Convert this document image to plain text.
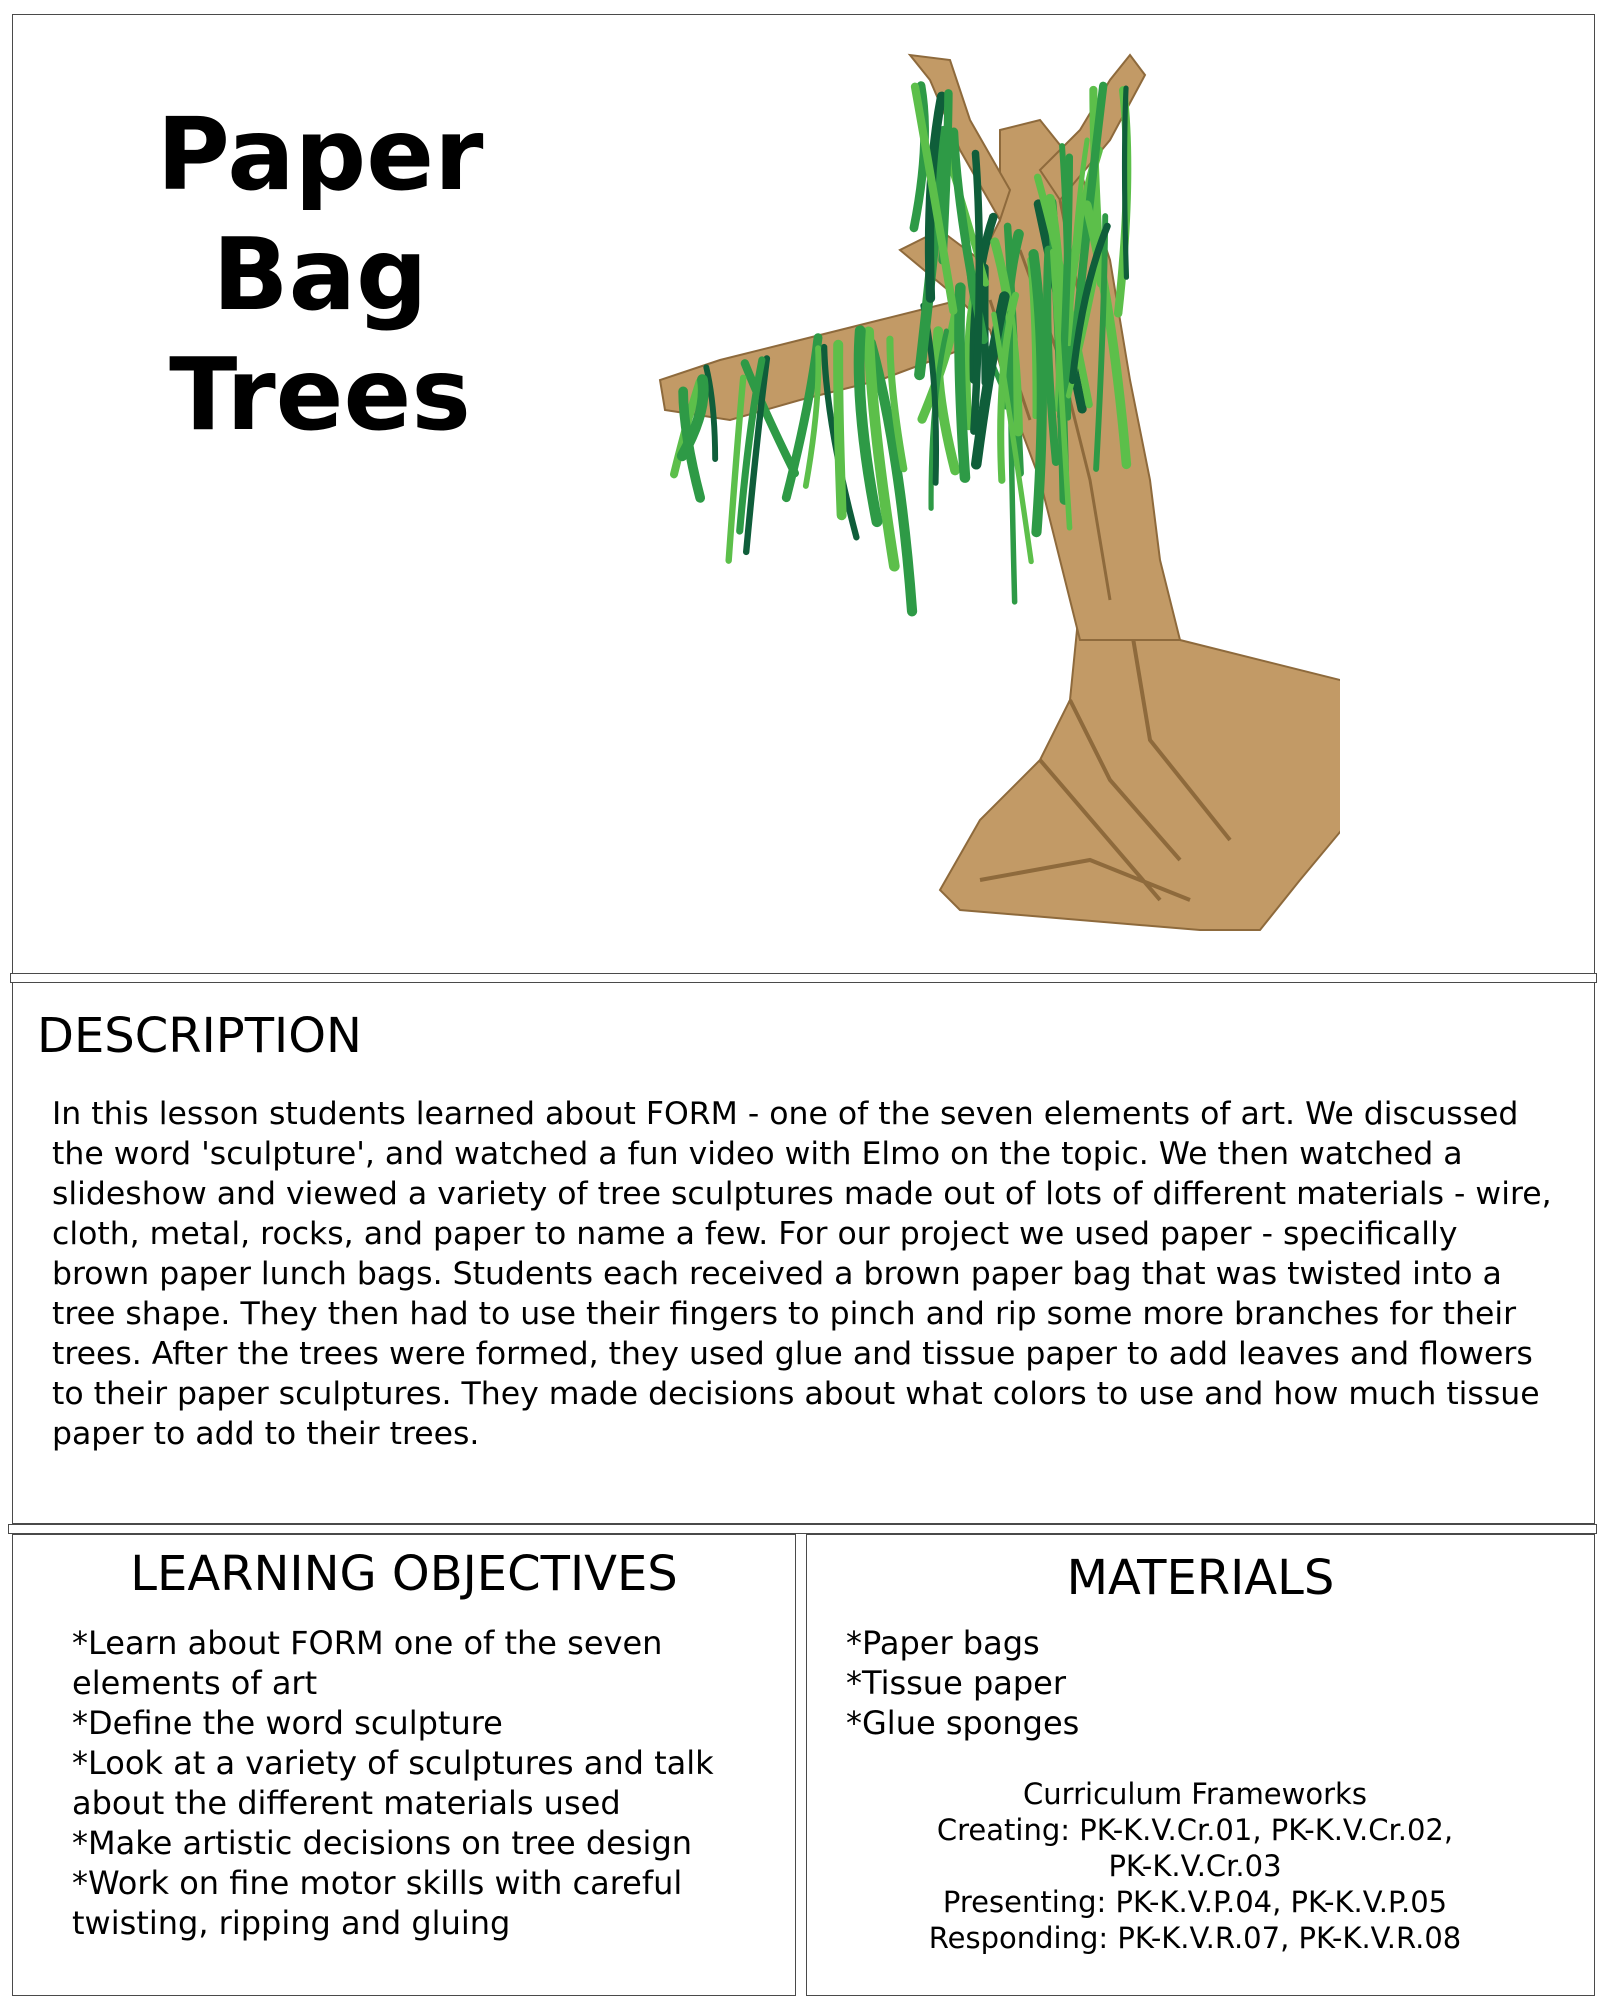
Paper
Bag
Trees
DESCRIPTION

In this lesson students learned about FORM - one of the seven elements of art. We discussed the word 'sculpture', and watched a fun video with Elmo on the topic. We then watched a slideshow and viewed a variety of tree sculptures made out of lots of different materials - wire, cloth, metal, rocks, and paper to name a few. For our project we used paper - specifically brown paper lunch bags. Students each received a brown paper bag that was twisted into a tree shape. They then had to use their fingers to pinch and rip some more branches for their trees. After the trees were formed, they used glue and tissue paper to add leaves and flowers to their paper sculptures. They made decisions about what colors to use and how much tissue paper to add to their trees.

LEARNING OBJECTIVES
*Learn about FORM one of the seven elements of art
*Define the word sculpture
*Look at a variety of sculptures and talk about the different materials used
*Make artistic decisions on tree design
*Work on fine motor skills with careful twisting, ripping and gluing
MATERIALS
*Paper bags
*Tissue paper
*Glue sponges
Curriculum Frameworks
Creating: PK-K.V.Cr.01, PK-K.V.Cr.02,
PK-K.V.Cr.03
Presenting: PK-K.V.P.04, PK-K.V.P.05
Responding: PK-K.V.R.07, PK-K.V.R.08
